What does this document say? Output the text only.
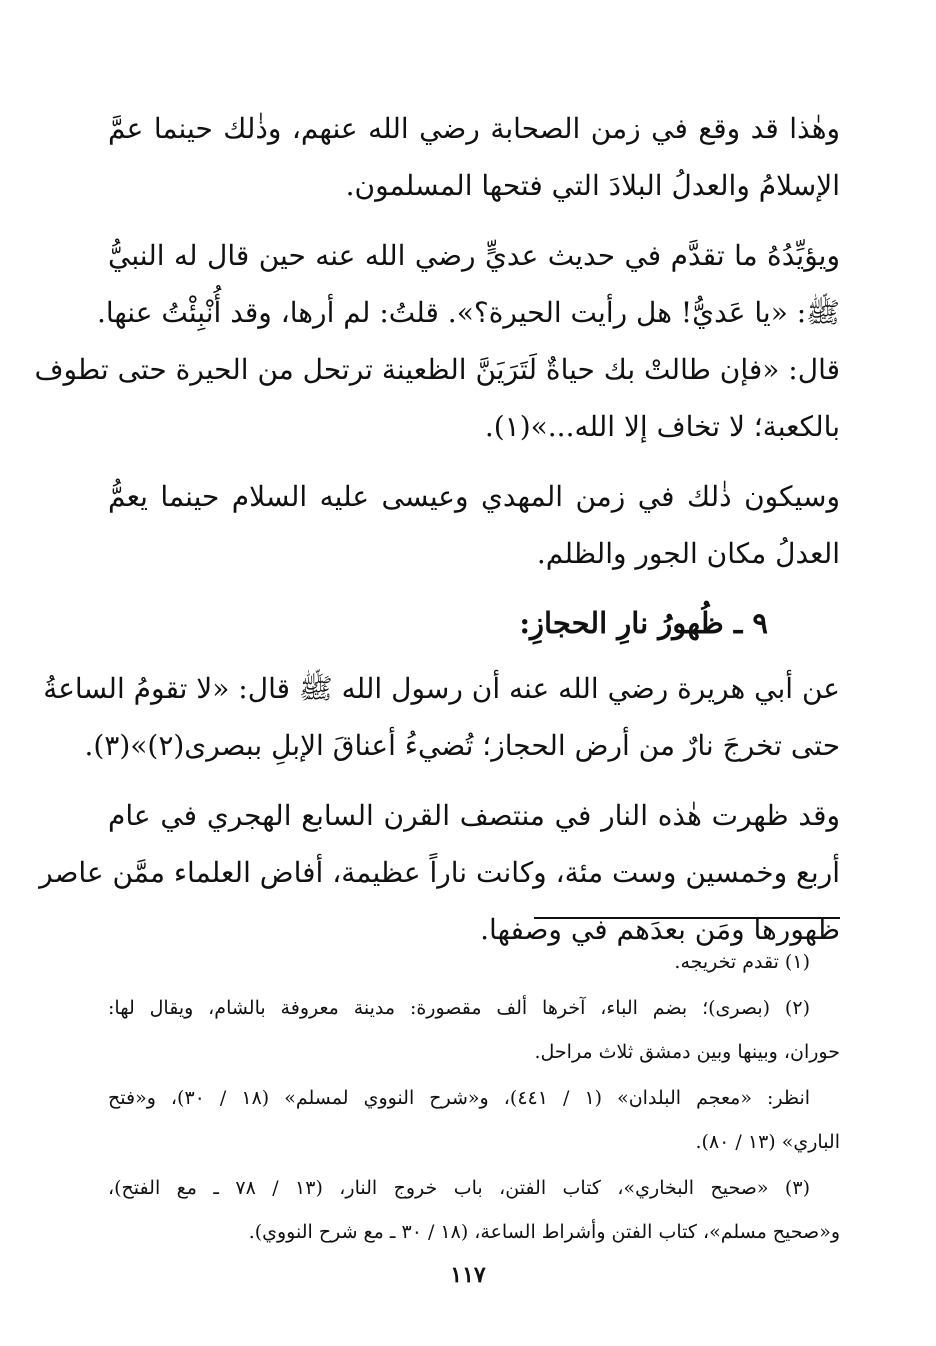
وهٰذا قد وقع في زمن الصحابة رضي الله عنهم، وذٰلك حينما عمَّ
الإسلامُ والعدلُ البلادَ التي فتحها المسلمون.
ويؤيِّدُهُ ما تقدَّم في حديث عديٍّ رضي الله عنه حين قال له النبيُّ
ﷺ: «يا عَديُّ! هل رأيت الحيرة؟». قلتُ: لم أرها، وقد أُنْبِئْتُ عنها.
قال: «فإن طالتْ بك حياةٌ لَتَرَيَنَّ الظعينة ترتحل من الحيرة حتى تطوف
بالكعبة؛ لا تخاف إلا الله...»(١).
وسيكون ذٰلك في زمن المهدي وعيسى عليه السلام حينما يعمُّ
العدلُ مكان الجور والظلم.
٩ ـ ظُهورُ نارِ الحجازِ:
عن أبي هريرة رضي الله عنه أن رسول الله ﷺ قال: «لا تقومُ الساعةُ
حتى تخرجَ نارٌ من أرض الحجاز؛ تُضيءُ أعناقَ الإبلِ ببصرى(٢)»(٣).
وقد ظهرت هٰذه النار في منتصف القرن السابع الهجري في عام
أربع وخمسين وست مئة، وكانت ناراً عظيمة، أفاض العلماء ممَّن عاصر
ظهورها ومَن بعدَهم في وصفها.
(١) تقدم تخريجه.
(٢) (بصرى)؛ بضم الباء، آخرها ألف مقصورة: مدينة معروفة بالشام، ويقال لها:
حوران، وبينها وبين دمشق ثلاث مراحل.
انظر: «معجم البلدان» (١ / ٤٤١)، و«شرح النووي لمسلم» (١٨ / ٣٠)، و«فتح
الباري» (١٣ / ٨٠).
(٣) «صحيح البخاري»، كتاب الفتن، باب خروج النار، (١٣ / ٧٨ ـ مع الفتح)،
و«صحيح مسلم»، كتاب الفتن وأشراط الساعة، (١٨ / ٣٠ ـ مع شرح النووي).
١١٧
